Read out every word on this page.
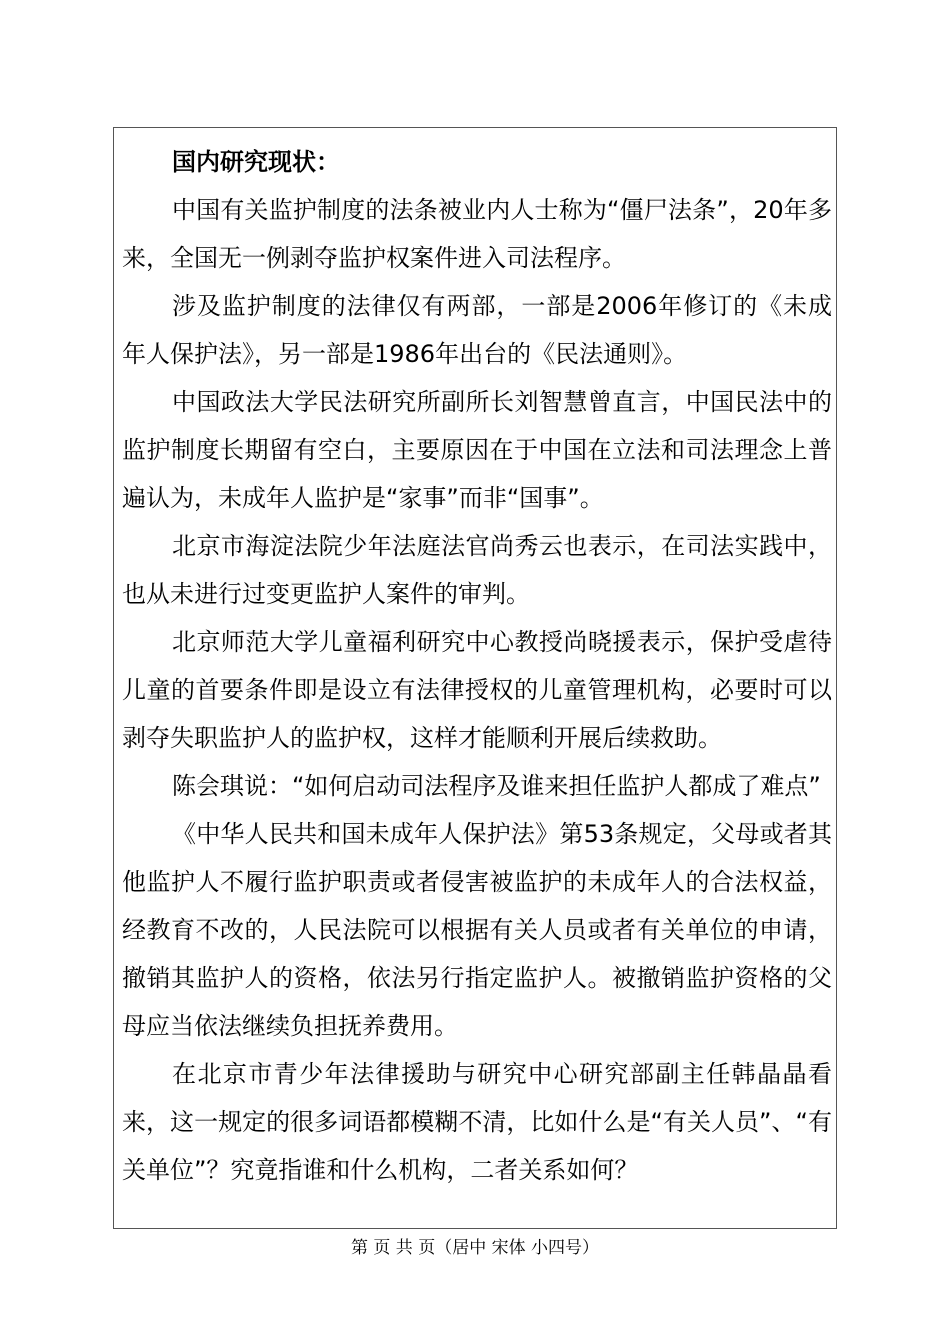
国内研究现状：
中国有关监护制度的法条被业内人士称为“僵尸法条”，20年多来，全国无一例剥夺监护权案件进入司法程序。
涉及监护制度的法律仅有两部，一部是2006年修订的《未成年人保护法》，另一部是1986年出台的《民法通则》。
中国政法大学民法研究所副所长刘智慧曾直言，中国民法中的监护制度长期留有空白，主要原因在于中国在立法和司法理念上普遍认为，未成年人监护是“家事”而非“国事”。
北京市海淀法院少年法庭法官尚秀云也表示，在司法实践中，也从未进行过变更监护人案件的审判。
北京师范大学儿童福利研究中心教授尚晓援表示，保护受虐待儿童的首要条件即是设立有法律授权的儿童管理机构，必要时可以剥夺失职监护人的监护权，这样才能顺利开展后续救助。
陈会琪说：“如何启动司法程序及谁来担任监护人都成了难点”
《中华人民共和国未成年人保护法》第53条规定，父母或者其他监护人不履行监护职责或者侵害被监护的未成年人的合法权益，经教育不改的，人民法院可以根据有关人员或者有关单位的申请，撤销其监护人的资格，依法另行指定监护人。被撤销监护资格的父母应当依法继续负担抚养费用。
在北京市青少年法律援助与研究中心研究部副主任韩晶晶看来，这一规定的很多词语都模糊不清，比如什么是“有关人员”、“有关单位”？究竟指谁和什么机构，二者关系如何？
第 页 共 页（居中 宋体 小四号）
